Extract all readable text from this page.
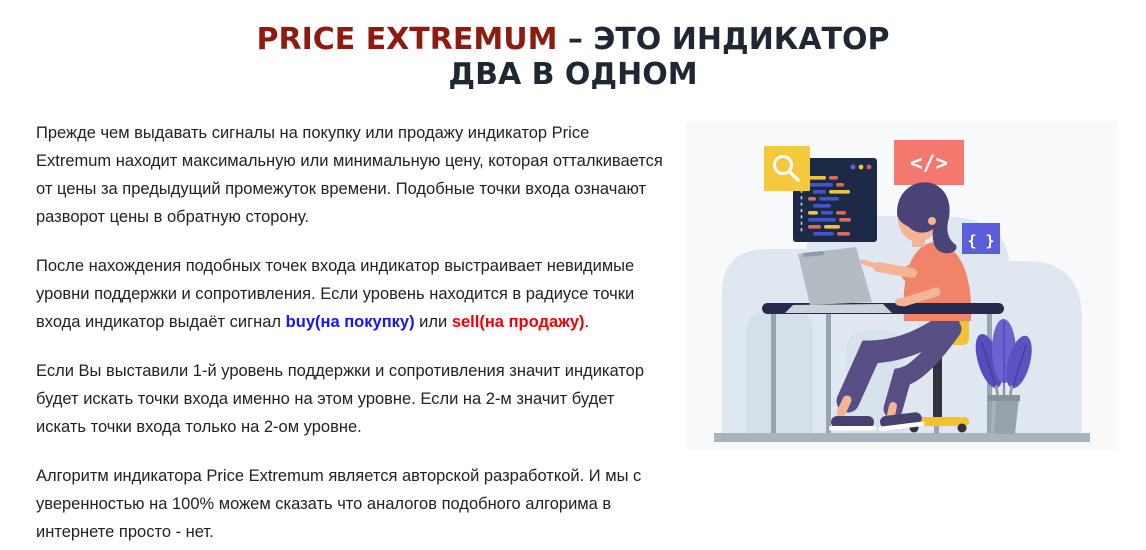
PRICE EXTREMUM – ЭТО ИНДИКАТОР
ДВА В ОДНОМ

Прежде чем выдавать сигналы на покупку или продажу индикатор Price Extremum находит максимальную или минимальную цену, которая отталкивается от цены за предыдущий промежуток времени. Подобные точки входа означают разворот цены в обратную сторону.

После нахождения подобных точек входа индикатор выстраивает невидимые уровни поддержки и сопротивления. Если уровень находится в радиусе точки входа индикатор выдаёт сигнал buy(на покупку) или sell(на продажу).

Если Вы выставили 1-й уровень поддержки и сопротивления значит индикатор будет искать точки входа именно на этом уровне. Если на 2-м значит будет искать точки входа только на 2-ом уровне.

Алгоритм индикатора Price Extremum является авторской разработкой. И мы с уверенностью на 100% можем сказать что аналогов подобного алгорима в интернете просто - нет.

</>
{ }
